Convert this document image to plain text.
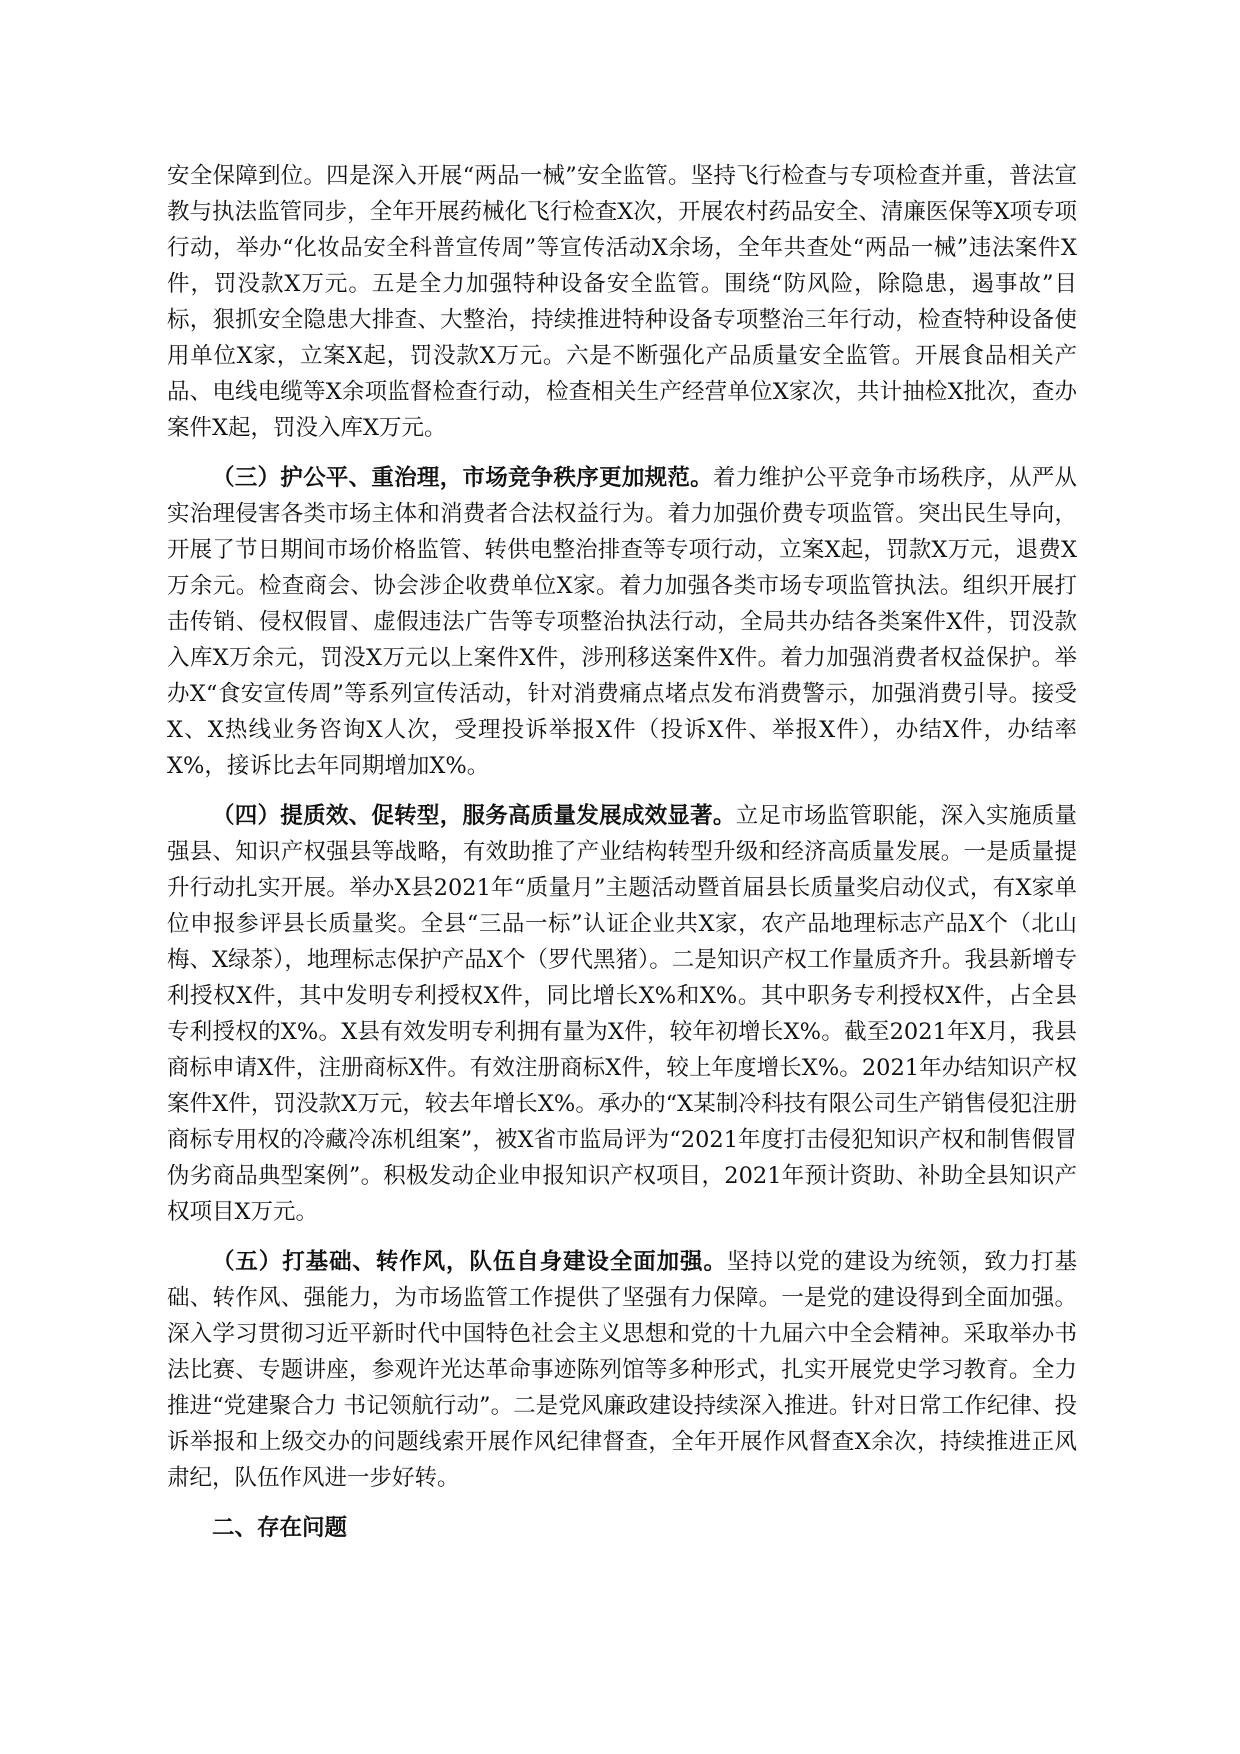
安全保障到位。四是深入开展“两品一械”安全监管。坚持飞行检查与专项检查并重，普法宣教与执法监管同步，全年开展药械化飞行检查X次，开展农村药品安全、清廉医保等X项专项行动，举办“化妆品安全科普宣传周”等宣传活动X余场，全年共查处“两品一械”违法案件X件，罚没款X万元。五是全力加强特种设备安全监管。围绕“防风险，除隐患，遏事故”目标，狠抓安全隐患大排查、大整治，持续推进特种设备专项整治三年行动，检查特种设备使用单位X家，立案X起，罚没款X万元。六是不断强化产品质量安全监管。开展食品相关产品、电线电缆等X余项监督检查行动，检查相关生产经营单位X家次，共计抽检X批次，查办案件X起，罚没入库X万元。

（三）护公平、重治理，市场竞争秩序更加规范。着力维护公平竞争市场秩序，从严从实治理侵害各类市场主体和消费者合法权益行为。着力加强价费专项监管。突出民生导向，开展了节日期间市场价格监管、转供电整治排查等专项行动，立案X起，罚款X万元，退费X万余元。检查商会、协会涉企收费单位X家。着力加强各类市场专项监管执法。组织开展打击传销、侵权假冒、虚假违法广告等专项整治执法行动，全局共办结各类案件X件，罚没款入库X万余元，罚没X万元以上案件X件，涉刑移送案件X件。着力加强消费者权益保护。举办X“食安宣传周”等系列宣传活动，针对消费痛点堵点发布消费警示，加强消费引导。接受X、X热线业务咨询X人次，受理投诉举报X件（投诉X件、举报X件），办结X件，办结率X%，接诉比去年同期增加X%。

（四）提质效、促转型，服务高质量发展成效显著。立足市场监管职能，深入实施质量强县、知识产权强县等战略，有效助推了产业结构转型升级和经济高质量发展。一是质量提升行动扎实开展。举办X县2021年“质量月”主题活动暨首届县长质量奖启动仪式，有X家单位申报参评县长质量奖。全县“三品一标”认证企业共X家，农产品地理标志产品X个（北山梅、X绿茶），地理标志保护产品X个（罗代黑猪）。二是知识产权工作量质齐升。我县新增专利授权X件，其中发明专利授权X件，同比增长X%和X%。其中职务专利授权X件，占全县专利授权的X%。X县有效发明专利拥有量为X件，较年初增长X%。截至2021年X月，我县商标申请X件，注册商标X件。有效注册商标X件，较上年度增长X%。2021年办结知识产权案件X件，罚没款X万元，较去年增长X%。承办的“X某制冷科技有限公司生产销售侵犯注册商标专用权的冷藏冷冻机组案”，被X省市监局评为“2021年度打击侵犯知识产权和制售假冒伪劣商品典型案例”。积极发动企业申报知识产权项目，2021年预计资助、补助全县知识产权项目X万元。

（五）打基础、转作风，队伍自身建设全面加强。坚持以党的建设为统领，致力打基础、转作风、强能力，为市场监管工作提供了坚强有力保障。一是党的建设得到全面加强。深入学习贯彻习近平新时代中国特色社会主义思想和党的十九届六中全会精神。采取举办书法比赛、专题讲座，参观许光达革命事迹陈列馆等多种形式，扎实开展党史学习教育。全力推进“党建聚合力 书记领航行动”。二是党风廉政建设持续深入推进。针对日常工作纪律、投诉举报和上级交办的问题线索开展作风纪律督查，全年开展作风督查X余次，持续推进正风肃纪，队伍作风进一步好转。

二、存在问题
